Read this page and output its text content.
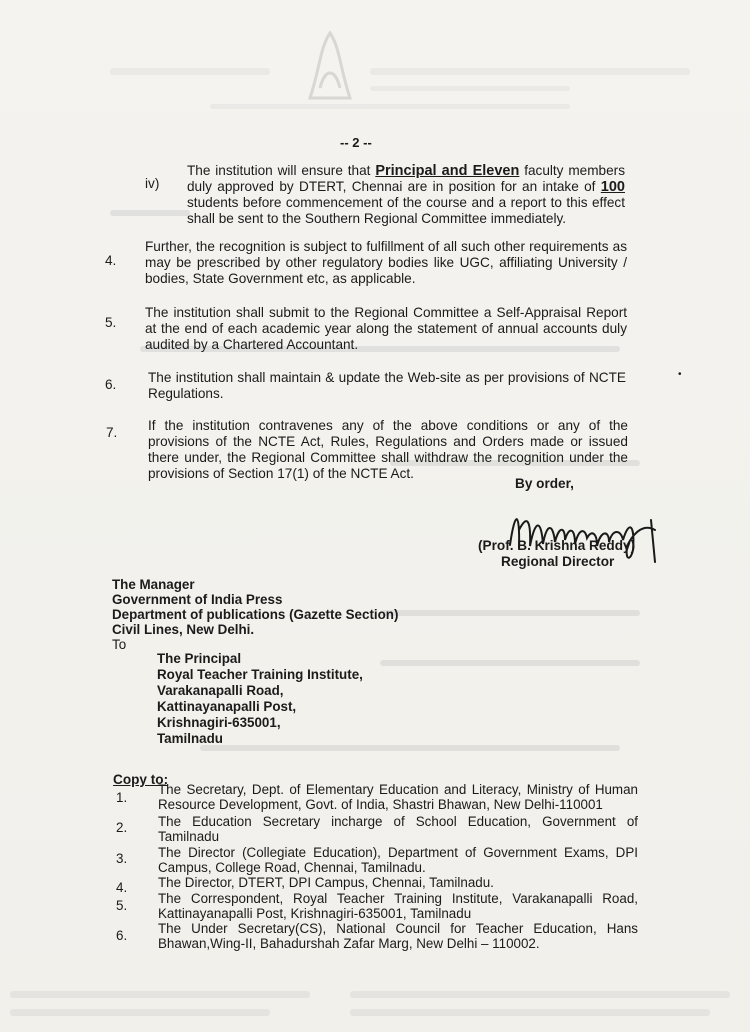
-- 2 --
iv)
The institution will ensure that Principal and Eleven faculty members duly approved by DTERT, Chennai are in position for an intake of 100 students before commencement of the course and a report to this effect shall be sent to the Southern Regional Committee immediately.
4.
Further, the recognition is subject to fulfillment of all such other requirements as may be prescribed by other regulatory bodies like UGC, affiliating University / bodies, State Government etc, as applicable.
5.
The institution shall submit to the Regional Committee a Self-Appraisal Report at the end of each academic year along the statement of annual accounts duly audited by a Chartered Accountant.
6. The institution shall maintain & update the Web-site as per provisions of NCTE Regulations.
•
7. If the institution contravenes any of the above conditions or any of the provisions of the NCTE Act, Rules, Regulations and Orders made or issued there under, the Regional Committee shall withdraw the recognition under the provisions of Section 17(1) of the NCTE Act.
By order,
(Prof. B. Krishna Reddy)
Regional Director
The Manager
Government of India Press
Department of publications (Gazette Section)
Civil Lines, New Delhi.
To
The Principal
Royal Teacher Training Institute,
Varakanapalli Road,
Kattinayanapalli Post,
Krishnagiri-635001,
Tamilnadu
Copy to:
1.
The Secretary, Dept. of Elementary Education and Literacy, Ministry of Human Resource Development, Govt. of India, Shastri Bhawan, New Delhi-110001
2. The Education Secretary incharge of School Education, Government of Tamilnadu
3. The Director (Collegiate Education), Department of Government Exams, DPI Campus, College Road, Chennai, Tamilnadu.
4. The Director, DTERT, DPI Campus, Chennai, Tamilnadu.
5. The Correspondent, Royal Teacher Training Institute, Varakanapalli Road, Kattinayanapalli Post, Krishnagiri-635001, Tamilnadu
6. The Under Secretary(CS), National Council for Teacher Education, Hans Bhawan,Wing-II, Bahadurshah Zafar Marg, New Delhi – 110002.
